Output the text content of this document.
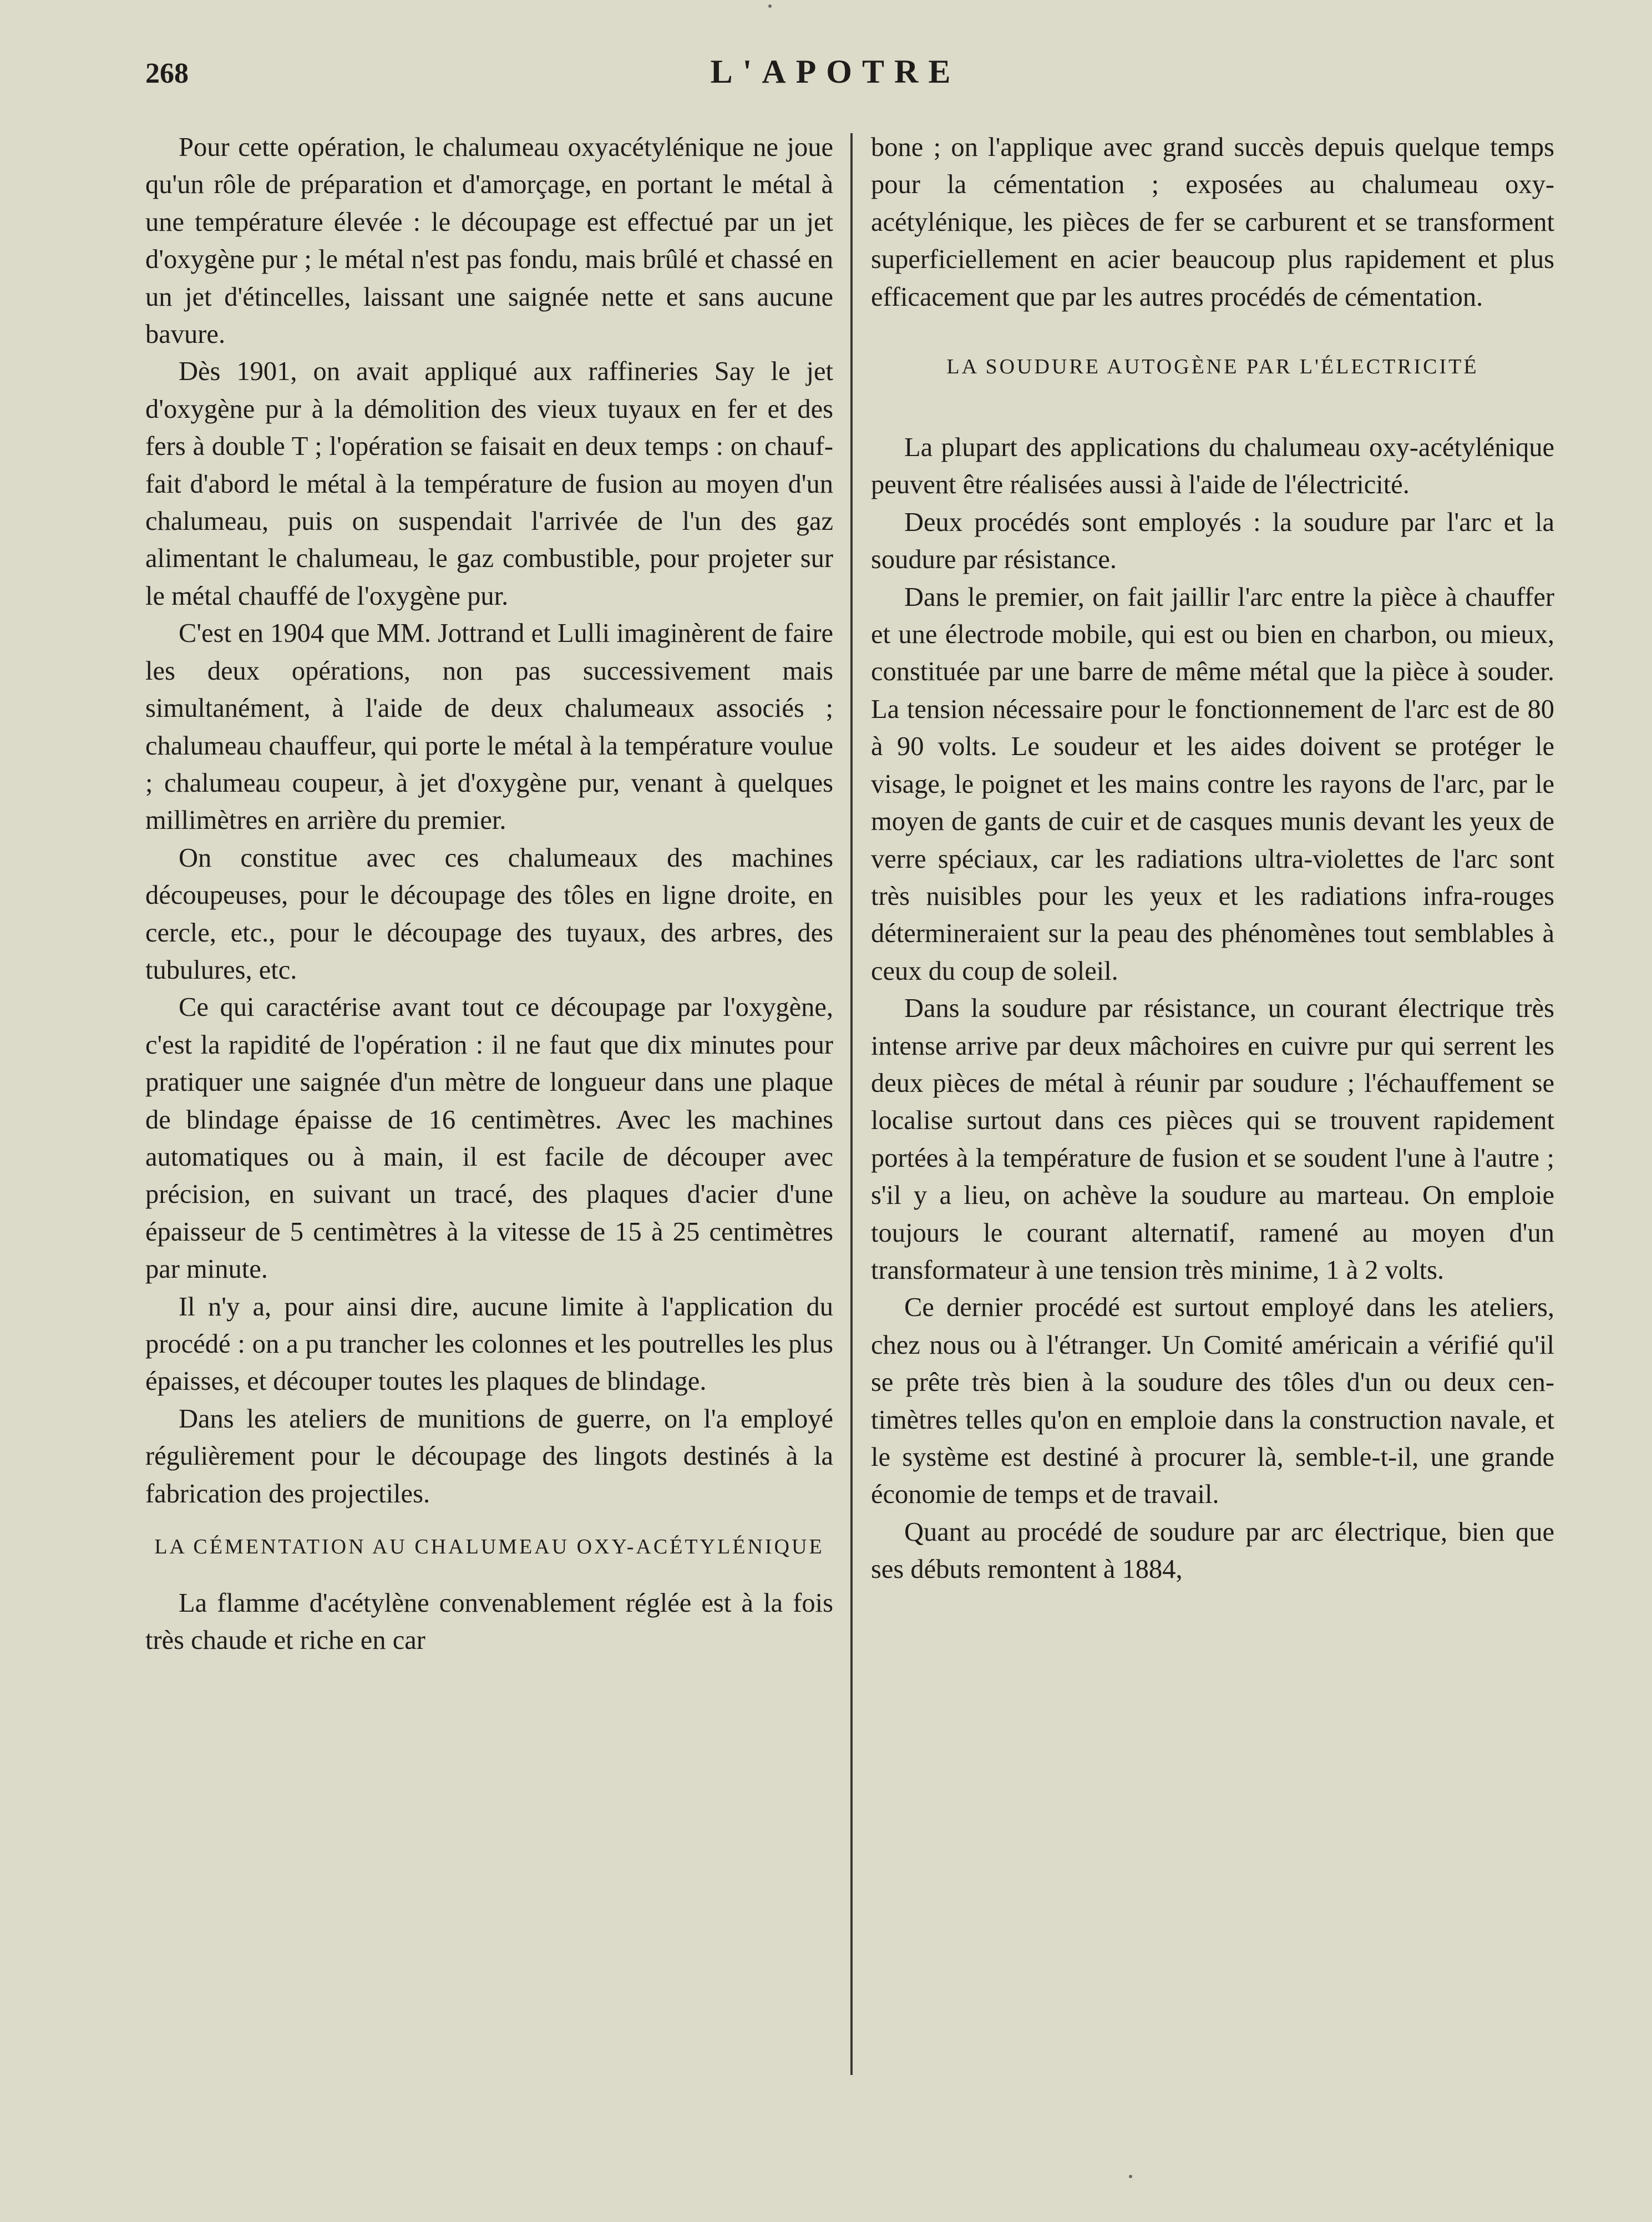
268	L'APOTRE

Pour cette opération, le chalumeau oxyacétylénique ne joue qu'un rôle de préparation et d'amorçage, en portant le métal à une température élevée : le découpage est effectué par un jet d'oxygène pur ; le métal n'est pas fondu, mais brûlé et chassé en un jet d'étincelles, laissant une saignée nette et sans aucune bavure.

Dès 1901, on avait appliqué aux raffineries Say le jet d'oxygène pur à la démolition des vieux tuyaux en fer et des fers à double T ; l'opération se faisait en deux temps : on chauffait d'abord le métal à la température de fusion au moyen d'un chalumeau, puis on suspendait l'arrivée de l'un des gaz alimentant le chalumeau, le gaz combustible, pour projeter sur le métal chauffé de l'oxygène pur.

C'est en 1904 que MM. Jottrand et Lulli imaginèrent de faire les deux opérations, non pas successivement mais simultanément, à l'aide de deux chalumeaux associés ; chalumeau chauffeur, qui porte le métal à la température voulue ; chalumeau coupeur, à jet d'oxygène pur, venant à quelques millimètres en arrière du premier.

On constitue avec ces chalumeaux des machines découpeuses, pour le découpage des tôles en ligne droite, en cercle, etc., pour le découpage des tuyaux, des arbres, des tubulures, etc.

Ce qui caractérise avant tout ce découpage par l'oxygène, c'est la rapidité de l'opération : il ne faut que dix minutes pour pratiquer une saignée d'un mètre de longueur dans une plaque de blindage épaisse de 16 centimètres. Avec les machines automatiques ou à main, il est facile de découper avec précision, en suivant un tracé, des plaques d'acier d'une épaisseur de 5 centimètres à la vitesse de 15 à 25 centimètres par minute.

Il n'y a, pour ainsi dire, aucune limite à l'application du procédé : on a pu trancher les colonnes et les poutrelles les plus épaisses, et découper toutes les plaques de blindage.

Dans les ateliers de munitions de guerre, on l'a employé régulièrement pour le découpage des lingots destinés à la fabrication des projectiles.

LA CÉMENTATION AU CHALUMEAU OXY-ACÉTYLÉNIQUE

La flamme d'acétylène convenablement réglée est à la fois très chaude et riche en car

bone ; on l'applique avec grand succès depuis quelque temps pour la cémentation ; exposées au chalumeau oxy-acétylénique, les pièces de fer se carburent et se transforment superficiellement en acier beaucoup plus rapidement et plus efficacement que par les autres procédés de cémentation.

LA SOUDURE AUTOGÈNE PAR L'ÉLECTRICITÉ

La plupart des applications du chalumeau oxy-acétylénique peuvent être réalisées aussi à l'aide de l'électricité.

Deux procédés sont employés : la soudure par l'arc et la soudure par résistance.

Dans le premier, on fait jaillir l'arc entre la pièce à chauffer et une électrode mobile, qui est ou bien en charbon, ou mieux, constituée par une barre de même métal que la pièce à souder. La tension nécessaire pour le fonctionnement de l'arc est de 80 à 90 volts. Le soudeur et les aides doivent se protéger le visage, le poignet et les mains contre les rayons de l'arc, par le moyen de gants de cuir et de casques munis devant les yeux de verre spéciaux, car les radiations ultra-violettes de l'arc sont très nuisibles pour les yeux et les radiations infra-rouges détermineraient sur la peau des phénomènes tout semblables à ceux du coup de soleil.

Dans la soudure par résistance, un courant électrique très intense arrive par deux mâchoires en cuivre pur qui serrent les deux pièces de métal à réunir par soudure ; l'échauffement se localise surtout dans ces pièces qui se trouvent rapidement portées à la température de fusion et se soudent l'une à l'autre ; s'il y a lieu, on achève la soudure au marteau. On emploie toujours le courant alternatif, ramené au moyen d'un transformateur à une tension très minime, 1 à 2 volts.

Ce dernier procédé est surtout employé dans les ateliers, chez nous ou à l'étranger. Un Comité américain a vérifié qu'il se prête très bien à la soudure des tôles d'un ou deux centimètres telles qu'on en emploie dans la construction navale, et le système est destiné à procurer là, semble-t-il, une grande économie de temps et de travail.

Quant au procédé de soudure par arc électrique, bien que ses débuts remontent à 1884,
